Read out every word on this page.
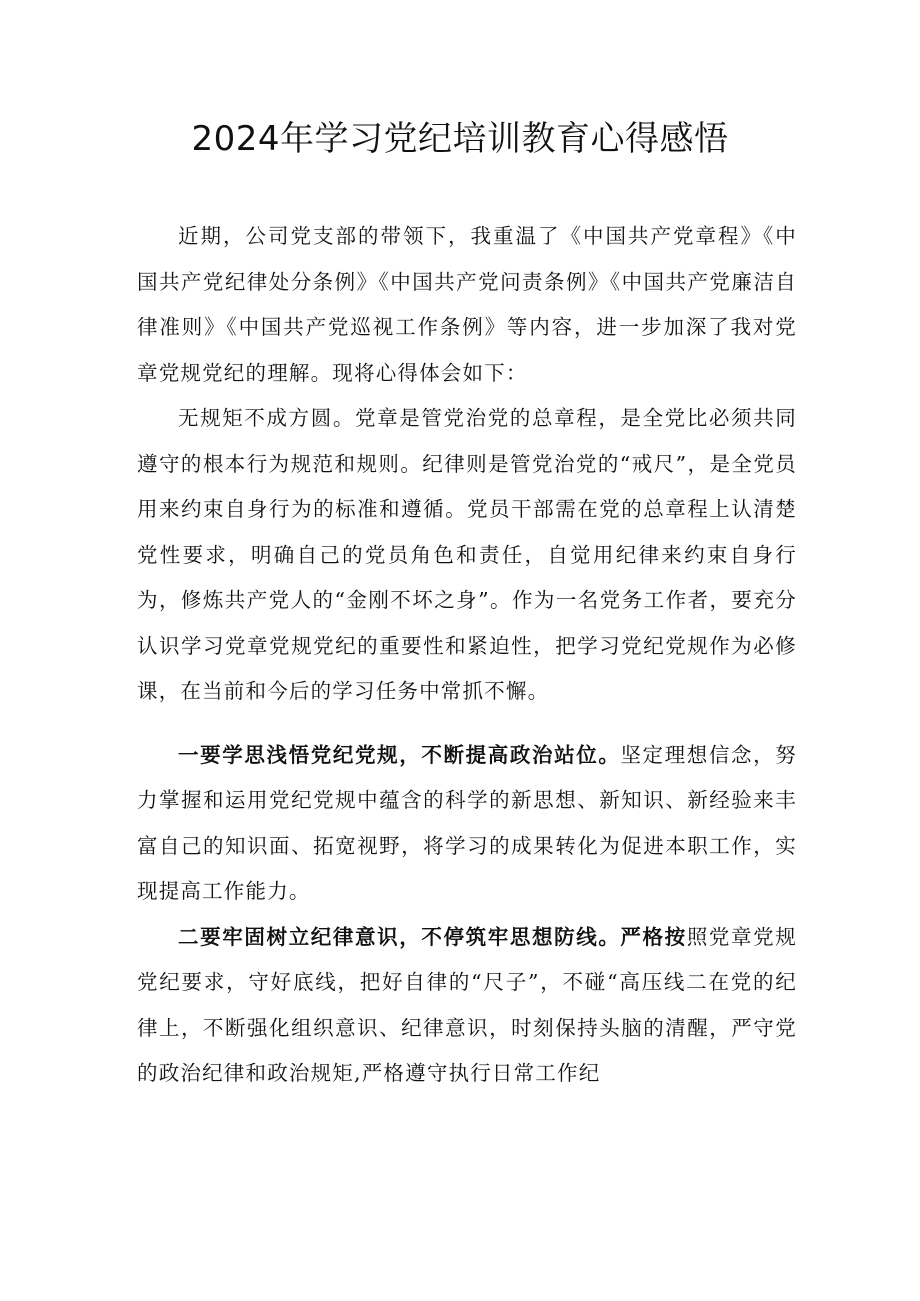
2024年学习党纪培训教育心得感悟

近期，公司党支部的带领下，我重温了《中国共产党章程》《中国共产党纪律处分条例》《中国共产党问责条例》《中国共产党廉洁自律准则》《中国共产党巡视工作条例》等内容，进一步加深了我对党章党规党纪的理解。现将心得体会如下：

无规矩不成方圆。党章是管党治党的总章程，是全党比必须共同遵守的根本行为规范和规则。纪律则是管党治党的“戒尺”，是全党员用来约束自身行为的标准和遵循。党员干部需在党的总章程上认清楚党性要求，明确自己的党员角色和责任，自觉用纪律来约束自身行为，修炼共产党人的“金刚不坏之身”。作为一名党务工作者，要充分认识学习党章党规党纪的重要性和紧迫性，把学习党纪党规作为必修课，在当前和今后的学习任务中常抓不懈。

一要学思浅悟党纪党规，不断提高政治站位。坚定理想信念，努力掌握和运用党纪党规中蕴含的科学的新思想、新知识、新经验来丰富自己的知识面、拓宽视野，将学习的成果转化为促进本职工作，实现提高工作能力。

二要牢固树立纪律意识，不停筑牢思想防线。严格按照党章党规党纪要求，守好底线，把好自律的“尺子”，不碰“高压线二在党的纪律上，不断强化组织意识、纪律意识，时刻保持头脑的清醒，严守党的政治纪律和政治规矩,严格遵守执行日常工作纪
